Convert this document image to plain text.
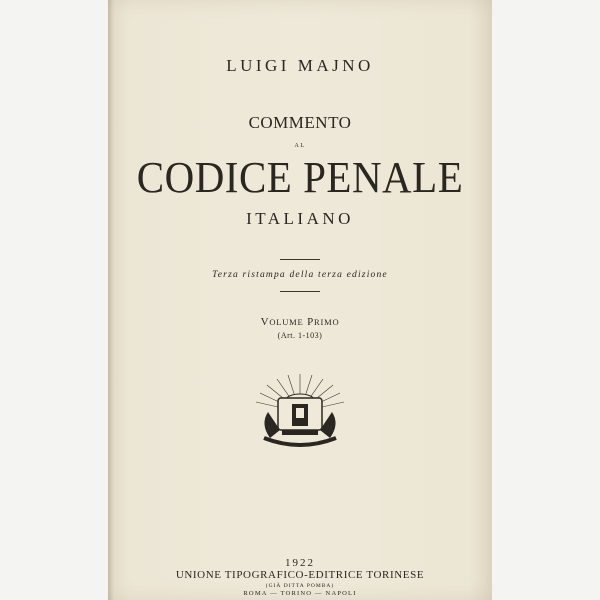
LUIGI MAJNO
COMMENTO
AL
CODICE PENALE
ITALIANO
Terza ristampa della terza edizione
VOLUME PRIMO
(Art. 1-103)
1922
UNIONE TIPOGRAFICO-EDITRICE TORINESE
(GIÀ DITTA POMBA)
ROMA — TORINO — NAPOLI
